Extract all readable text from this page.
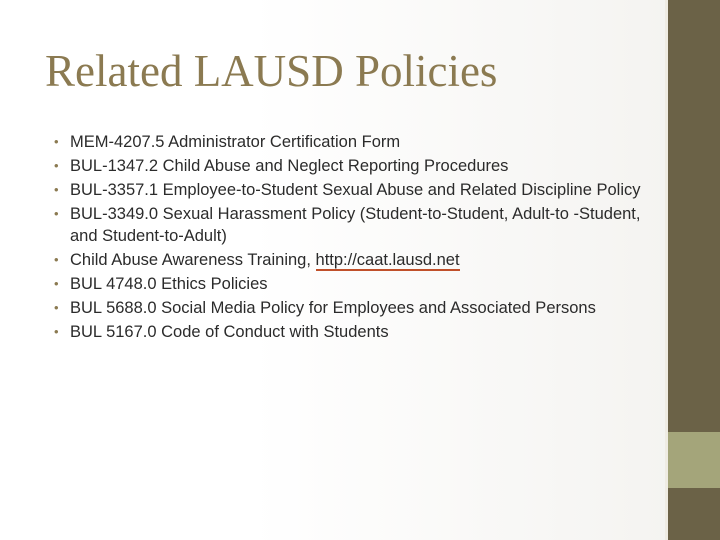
Related LAUSD Policies
• MEM-4207.5 Administrator Certification Form
• BUL-1347.2 Child Abuse and Neglect Reporting Procedures
• BUL-3357.1 Employee-to-Student Sexual Abuse and Related Discipline Policy
• BUL-3349.0 Sexual Harassment Policy (Student-to-Student, Adult-to -Student, and Student-to-Adult)
• Child Abuse Awareness Training, http://caat.lausd.net
• BUL 4748.0 Ethics Policies
• BUL 5688.0 Social Media Policy for Employees and Associated Persons
• BUL 5167.0 Code of Conduct with Students
